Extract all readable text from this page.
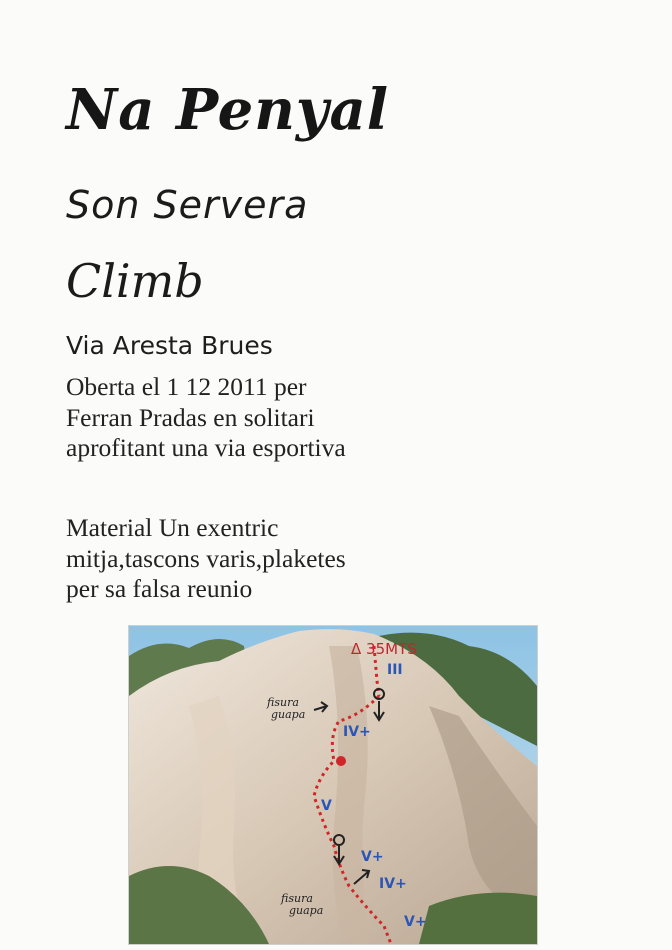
Na Penyal
Son Servera
Climb
Via Aresta Brues
Oberta el 1 12 2011 per
Ferran Pradas en solitari
aprofitant una via esportiva
Material Un exentric
mitja,tascons varis,plaketes
per sa falsa reunio
Δ 35MTS
III
IV+
V
V+
IV+
V+
fisura
guapa
fisura
guapa
